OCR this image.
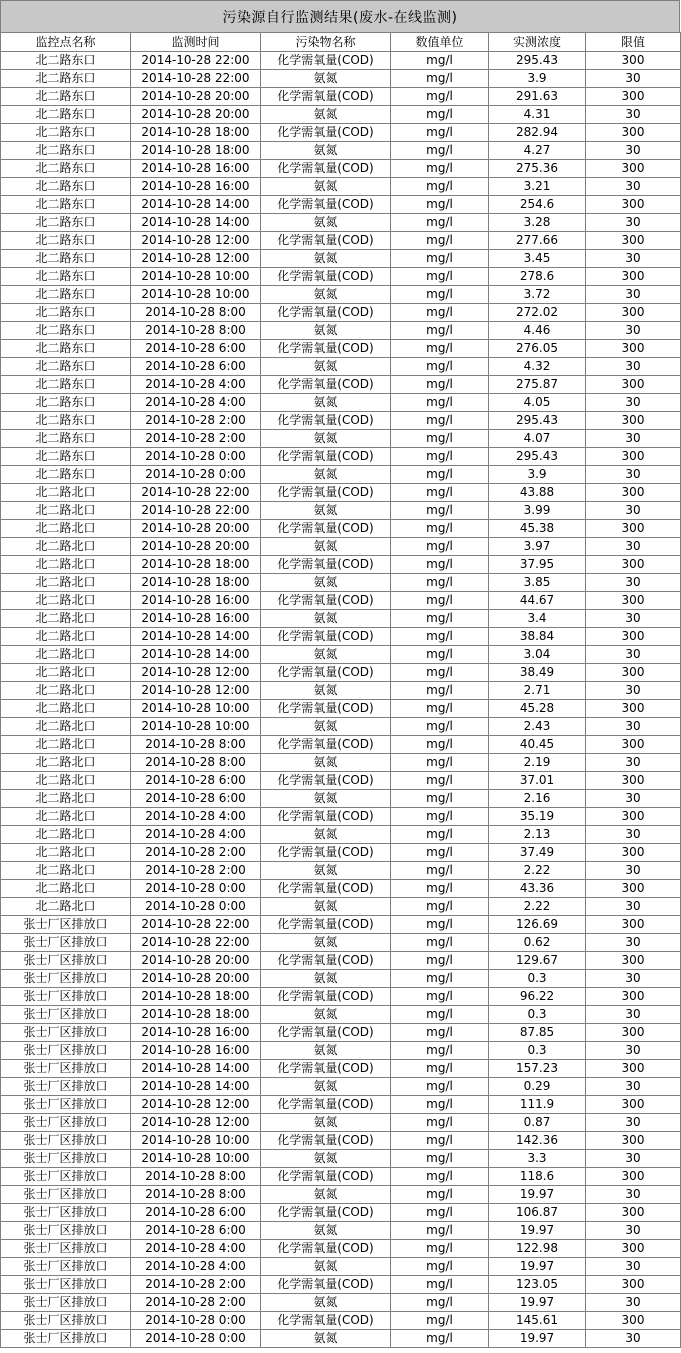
污染源自行监测结果(废水-在线监测)
监控点名称	监测时间	污染物名称	数值单位	实测浓度	限值
北二路东口	2014-10-28 22:00	化学需氧量(COD)	mg/l	295.43	300
北二路东口	2014-10-28 22:00	氨氮	mg/l	3.9	30
北二路东口	2014-10-28 20:00	化学需氧量(COD)	mg/l	291.63	300
北二路东口	2014-10-28 20:00	氨氮	mg/l	4.31	30
北二路东口	2014-10-28 18:00	化学需氧量(COD)	mg/l	282.94	300
北二路东口	2014-10-28 18:00	氨氮	mg/l	4.27	30
北二路东口	2014-10-28 16:00	化学需氧量(COD)	mg/l	275.36	300
北二路东口	2014-10-28 16:00	氨氮	mg/l	3.21	30
北二路东口	2014-10-28 14:00	化学需氧量(COD)	mg/l	254.6	300
北二路东口	2014-10-28 14:00	氨氮	mg/l	3.28	30
北二路东口	2014-10-28 12:00	化学需氧量(COD)	mg/l	277.66	300
北二路东口	2014-10-28 12:00	氨氮	mg/l	3.45	30
北二路东口	2014-10-28 10:00	化学需氧量(COD)	mg/l	278.6	300
北二路东口	2014-10-28 10:00	氨氮	mg/l	3.72	30
北二路东口	2014-10-28 8:00	化学需氧量(COD)	mg/l	272.02	300
北二路东口	2014-10-28 8:00	氨氮	mg/l	4.46	30
北二路东口	2014-10-28 6:00	化学需氧量(COD)	mg/l	276.05	300
北二路东口	2014-10-28 6:00	氨氮	mg/l	4.32	30
北二路东口	2014-10-28 4:00	化学需氧量(COD)	mg/l	275.87	300
北二路东口	2014-10-28 4:00	氨氮	mg/l	4.05	30
北二路东口	2014-10-28 2:00	化学需氧量(COD)	mg/l	295.43	300
北二路东口	2014-10-28 2:00	氨氮	mg/l	4.07	30
北二路东口	2014-10-28 0:00	化学需氧量(COD)	mg/l	295.43	300
北二路东口	2014-10-28 0:00	氨氮	mg/l	3.9	30
北二路北口	2014-10-28 22:00	化学需氧量(COD)	mg/l	43.88	300
北二路北口	2014-10-28 22:00	氨氮	mg/l	3.99	30
北二路北口	2014-10-28 20:00	化学需氧量(COD)	mg/l	45.38	300
北二路北口	2014-10-28 20:00	氨氮	mg/l	3.97	30
北二路北口	2014-10-28 18:00	化学需氧量(COD)	mg/l	37.95	300
北二路北口	2014-10-28 18:00	氨氮	mg/l	3.85	30
北二路北口	2014-10-28 16:00	化学需氧量(COD)	mg/l	44.67	300
北二路北口	2014-10-28 16:00	氨氮	mg/l	3.4	30
北二路北口	2014-10-28 14:00	化学需氧量(COD)	mg/l	38.84	300
北二路北口	2014-10-28 14:00	氨氮	mg/l	3.04	30
北二路北口	2014-10-28 12:00	化学需氧量(COD)	mg/l	38.49	300
北二路北口	2014-10-28 12:00	氨氮	mg/l	2.71	30
北二路北口	2014-10-28 10:00	化学需氧量(COD)	mg/l	45.28	300
北二路北口	2014-10-28 10:00	氨氮	mg/l	2.43	30
北二路北口	2014-10-28 8:00	化学需氧量(COD)	mg/l	40.45	300
北二路北口	2014-10-28 8:00	氨氮	mg/l	2.19	30
北二路北口	2014-10-28 6:00	化学需氧量(COD)	mg/l	37.01	300
北二路北口	2014-10-28 6:00	氨氮	mg/l	2.16	30
北二路北口	2014-10-28 4:00	化学需氧量(COD)	mg/l	35.19	300
北二路北口	2014-10-28 4:00	氨氮	mg/l	2.13	30
北二路北口	2014-10-28 2:00	化学需氧量(COD)	mg/l	37.49	300
北二路北口	2014-10-28 2:00	氨氮	mg/l	2.22	30
北二路北口	2014-10-28 0:00	化学需氧量(COD)	mg/l	43.36	300
北二路北口	2014-10-28 0:00	氨氮	mg/l	2.22	30
张士厂区排放口	2014-10-28 22:00	化学需氧量(COD)	mg/l	126.69	300
张士厂区排放口	2014-10-28 22:00	氨氮	mg/l	0.62	30
张士厂区排放口	2014-10-28 20:00	化学需氧量(COD)	mg/l	129.67	300
张士厂区排放口	2014-10-28 20:00	氨氮	mg/l	0.3	30
张士厂区排放口	2014-10-28 18:00	化学需氧量(COD)	mg/l	96.22	300
张士厂区排放口	2014-10-28 18:00	氨氮	mg/l	0.3	30
张士厂区排放口	2014-10-28 16:00	化学需氧量(COD)	mg/l	87.85	300
张士厂区排放口	2014-10-28 16:00	氨氮	mg/l	0.3	30
张士厂区排放口	2014-10-28 14:00	化学需氧量(COD)	mg/l	157.23	300
张士厂区排放口	2014-10-28 14:00	氨氮	mg/l	0.29	30
张士厂区排放口	2014-10-28 12:00	化学需氧量(COD)	mg/l	111.9	300
张士厂区排放口	2014-10-28 12:00	氨氮	mg/l	0.87	30
张士厂区排放口	2014-10-28 10:00	化学需氧量(COD)	mg/l	142.36	300
张士厂区排放口	2014-10-28 10:00	氨氮	mg/l	3.3	30
张士厂区排放口	2014-10-28 8:00	化学需氧量(COD)	mg/l	118.6	300
张士厂区排放口	2014-10-28 8:00	氨氮	mg/l	19.97	30
张士厂区排放口	2014-10-28 6:00	化学需氧量(COD)	mg/l	106.87	300
张士厂区排放口	2014-10-28 6:00	氨氮	mg/l	19.97	30
张士厂区排放口	2014-10-28 4:00	化学需氧量(COD)	mg/l	122.98	300
张士厂区排放口	2014-10-28 4:00	氨氮	mg/l	19.97	30
张士厂区排放口	2014-10-28 2:00	化学需氧量(COD)	mg/l	123.05	300
张士厂区排放口	2014-10-28 2:00	氨氮	mg/l	19.97	30
张士厂区排放口	2014-10-28 0:00	化学需氧量(COD)	mg/l	145.61	300
张士厂区排放口	2014-10-28 0:00	氨氮	mg/l	19.97	30
